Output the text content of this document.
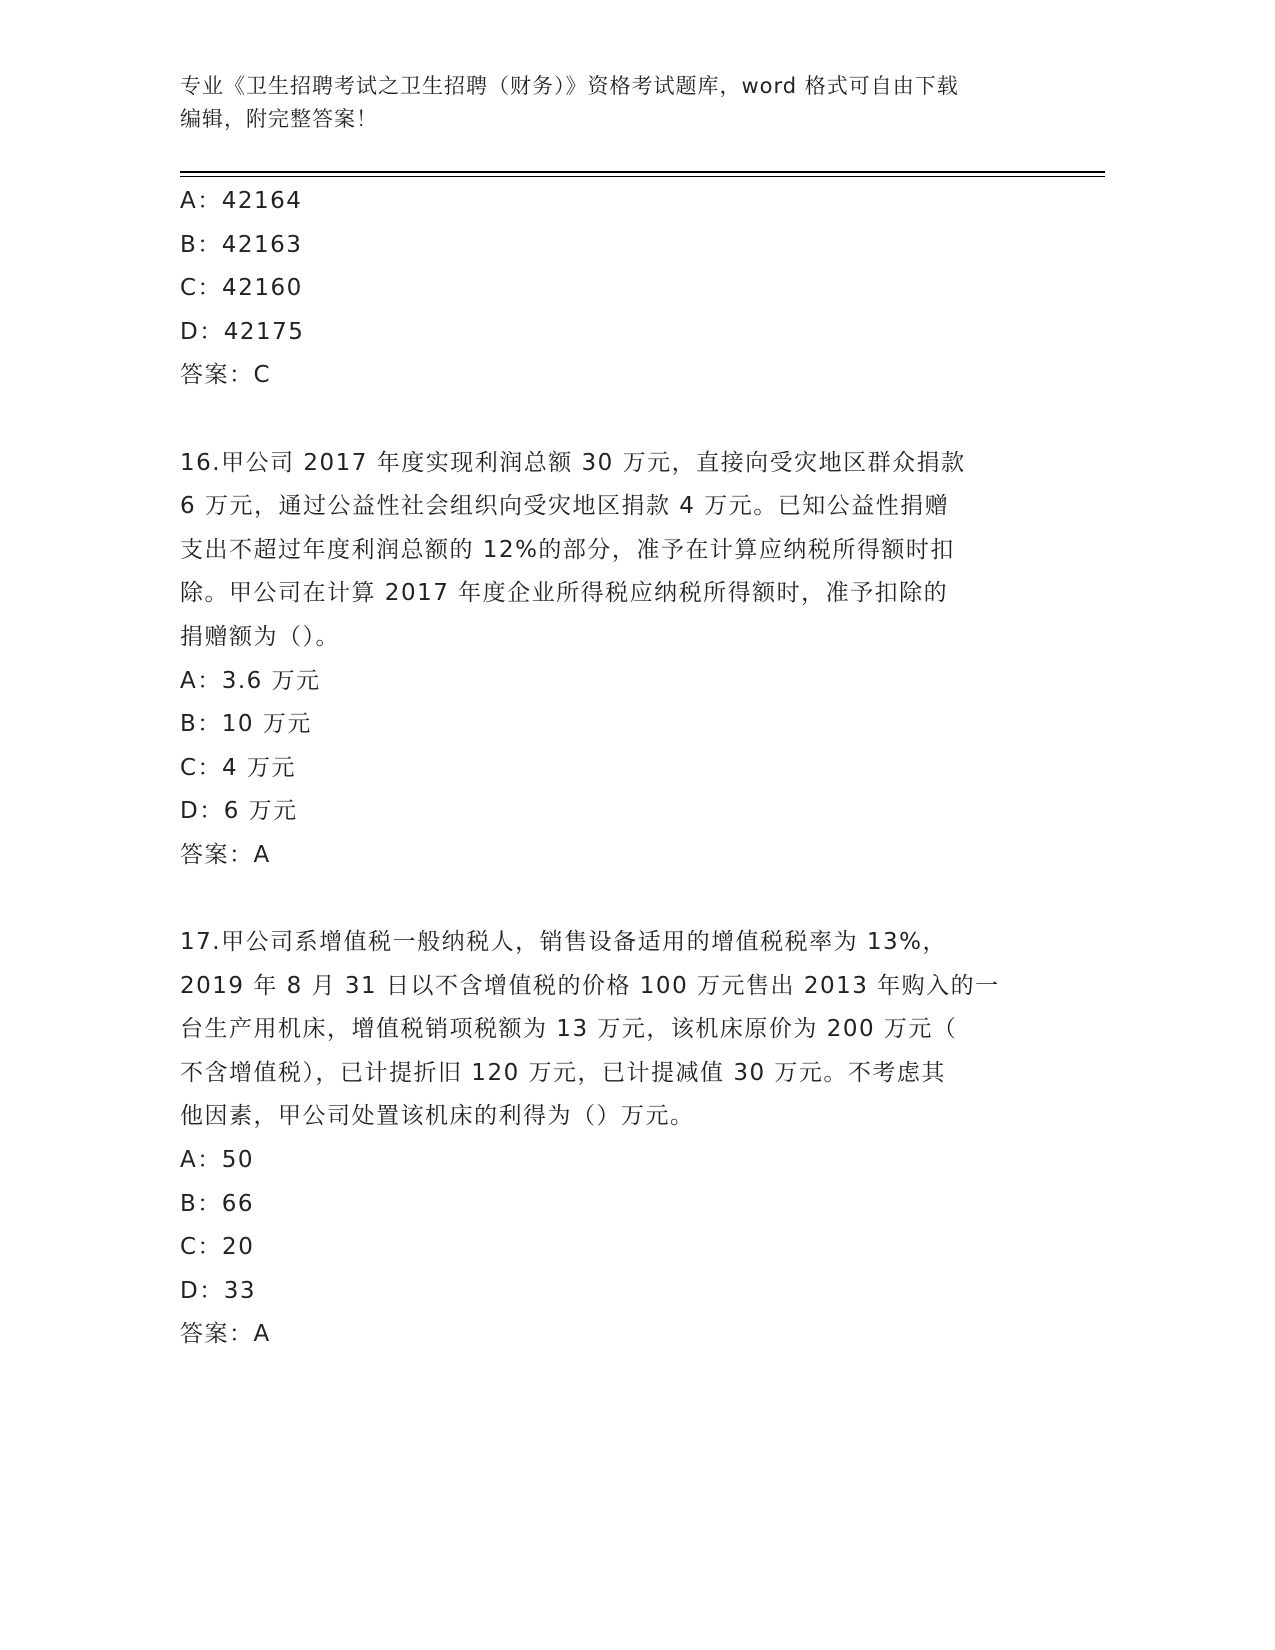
专业《卫生招聘考试之卫生招聘（财务）》资格考试题库，word 格式可自由下载
编辑，附完整答案！
A：42164
B：42163
C：42160
D：42175
答案：C
16.甲公司 2017 年度实现利润总额 30 万元，直接向受灾地区群众捐款
6 万元，通过公益性社会组织向受灾地区捐款 4 万元。已知公益性捐赠
支出不超过年度利润总额的 12%的部分，准予在计算应纳税所得额时扣
除。甲公司在计算 2017 年度企业所得税应纳税所得额时，准予扣除的
捐赠额为（）。
A：3.6 万元
B：10 万元
C：4 万元
D：6 万元
答案：A
17.甲公司系增值税一般纳税人，销售设备适用的增值税税率为 13%，
2019 年 8 月 31 日以不含增值税的价格 100 万元售出 2013 年购入的一
台生产用机床，增值税销项税额为 13 万元，该机床原价为 200 万元（
不含增值税），已计提折旧 120 万元，已计提减值 30 万元。不考虑其
他因素，甲公司处置该机床的利得为（）万元。
A：50
B：66
C：20
D：33
答案：A
